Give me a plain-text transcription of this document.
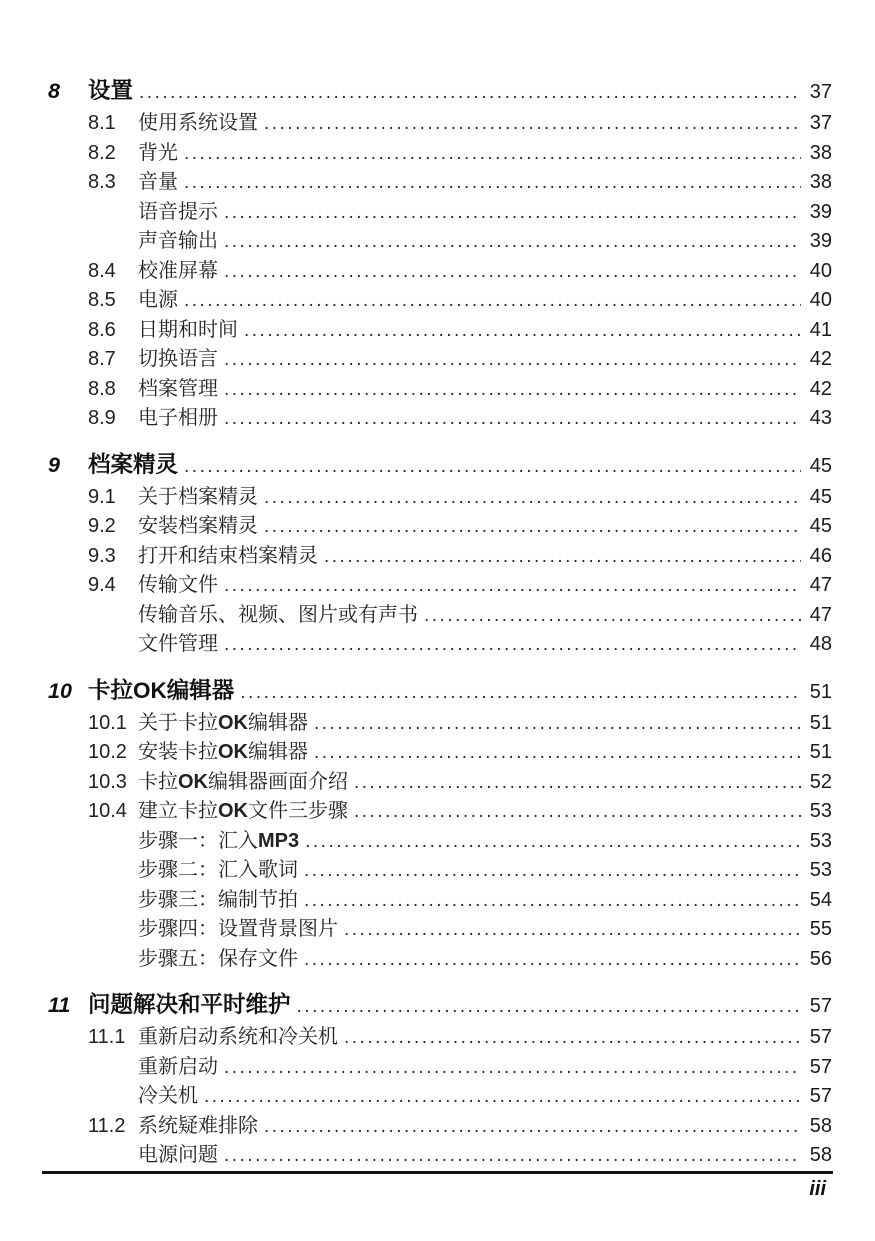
8	设置 .....	37
8.1	使用系统设置 .....	37
8.2	背光 .....	38
8.3	音量 .....	38
语音提示 .....	39
声音输出 .....	39
8.4	校准屏幕 .....	40
8.5	电源 .....	40
8.6	日期和时间 .....	41
8.7	切换语言 .....	42
8.8	档案管理 .....	42
8.9	电子相册 .....	43
9	档案精灵 .....	45
9.1	关于档案精灵 .....	45
9.2	安装档案精灵 .....	45
9.3	打开和结束档案精灵 .....	46
9.4	传输文件 .....	47
传输音乐、视频、图片或有声书 .....	47
文件管理 .....	48
10 卡拉OK编辑器 .....	51
10.1 关于卡拉OK编辑器 .....	51
10.2 安装卡拉OK编辑器 .....	51
10.3 卡拉OK编辑器画面介绍 .....	52
10.4 建立卡拉OK文件三步骤 .....	53
步骤一：汇入MP3 .....	53
步骤二：汇入歌词 .....	53
步骤三：编制节拍 .....	54
步骤四：设置背景图片 .....	55
步骤五：保存文件 .....	56
11 问题解决和平时维护 .....	57
11.1 重新启动系统和冷关机 .....	57
重新启动 .....	57
冷关机 .....	57
11.2 系统疑难排除 .....	58
电源问题 .....	58
iii
